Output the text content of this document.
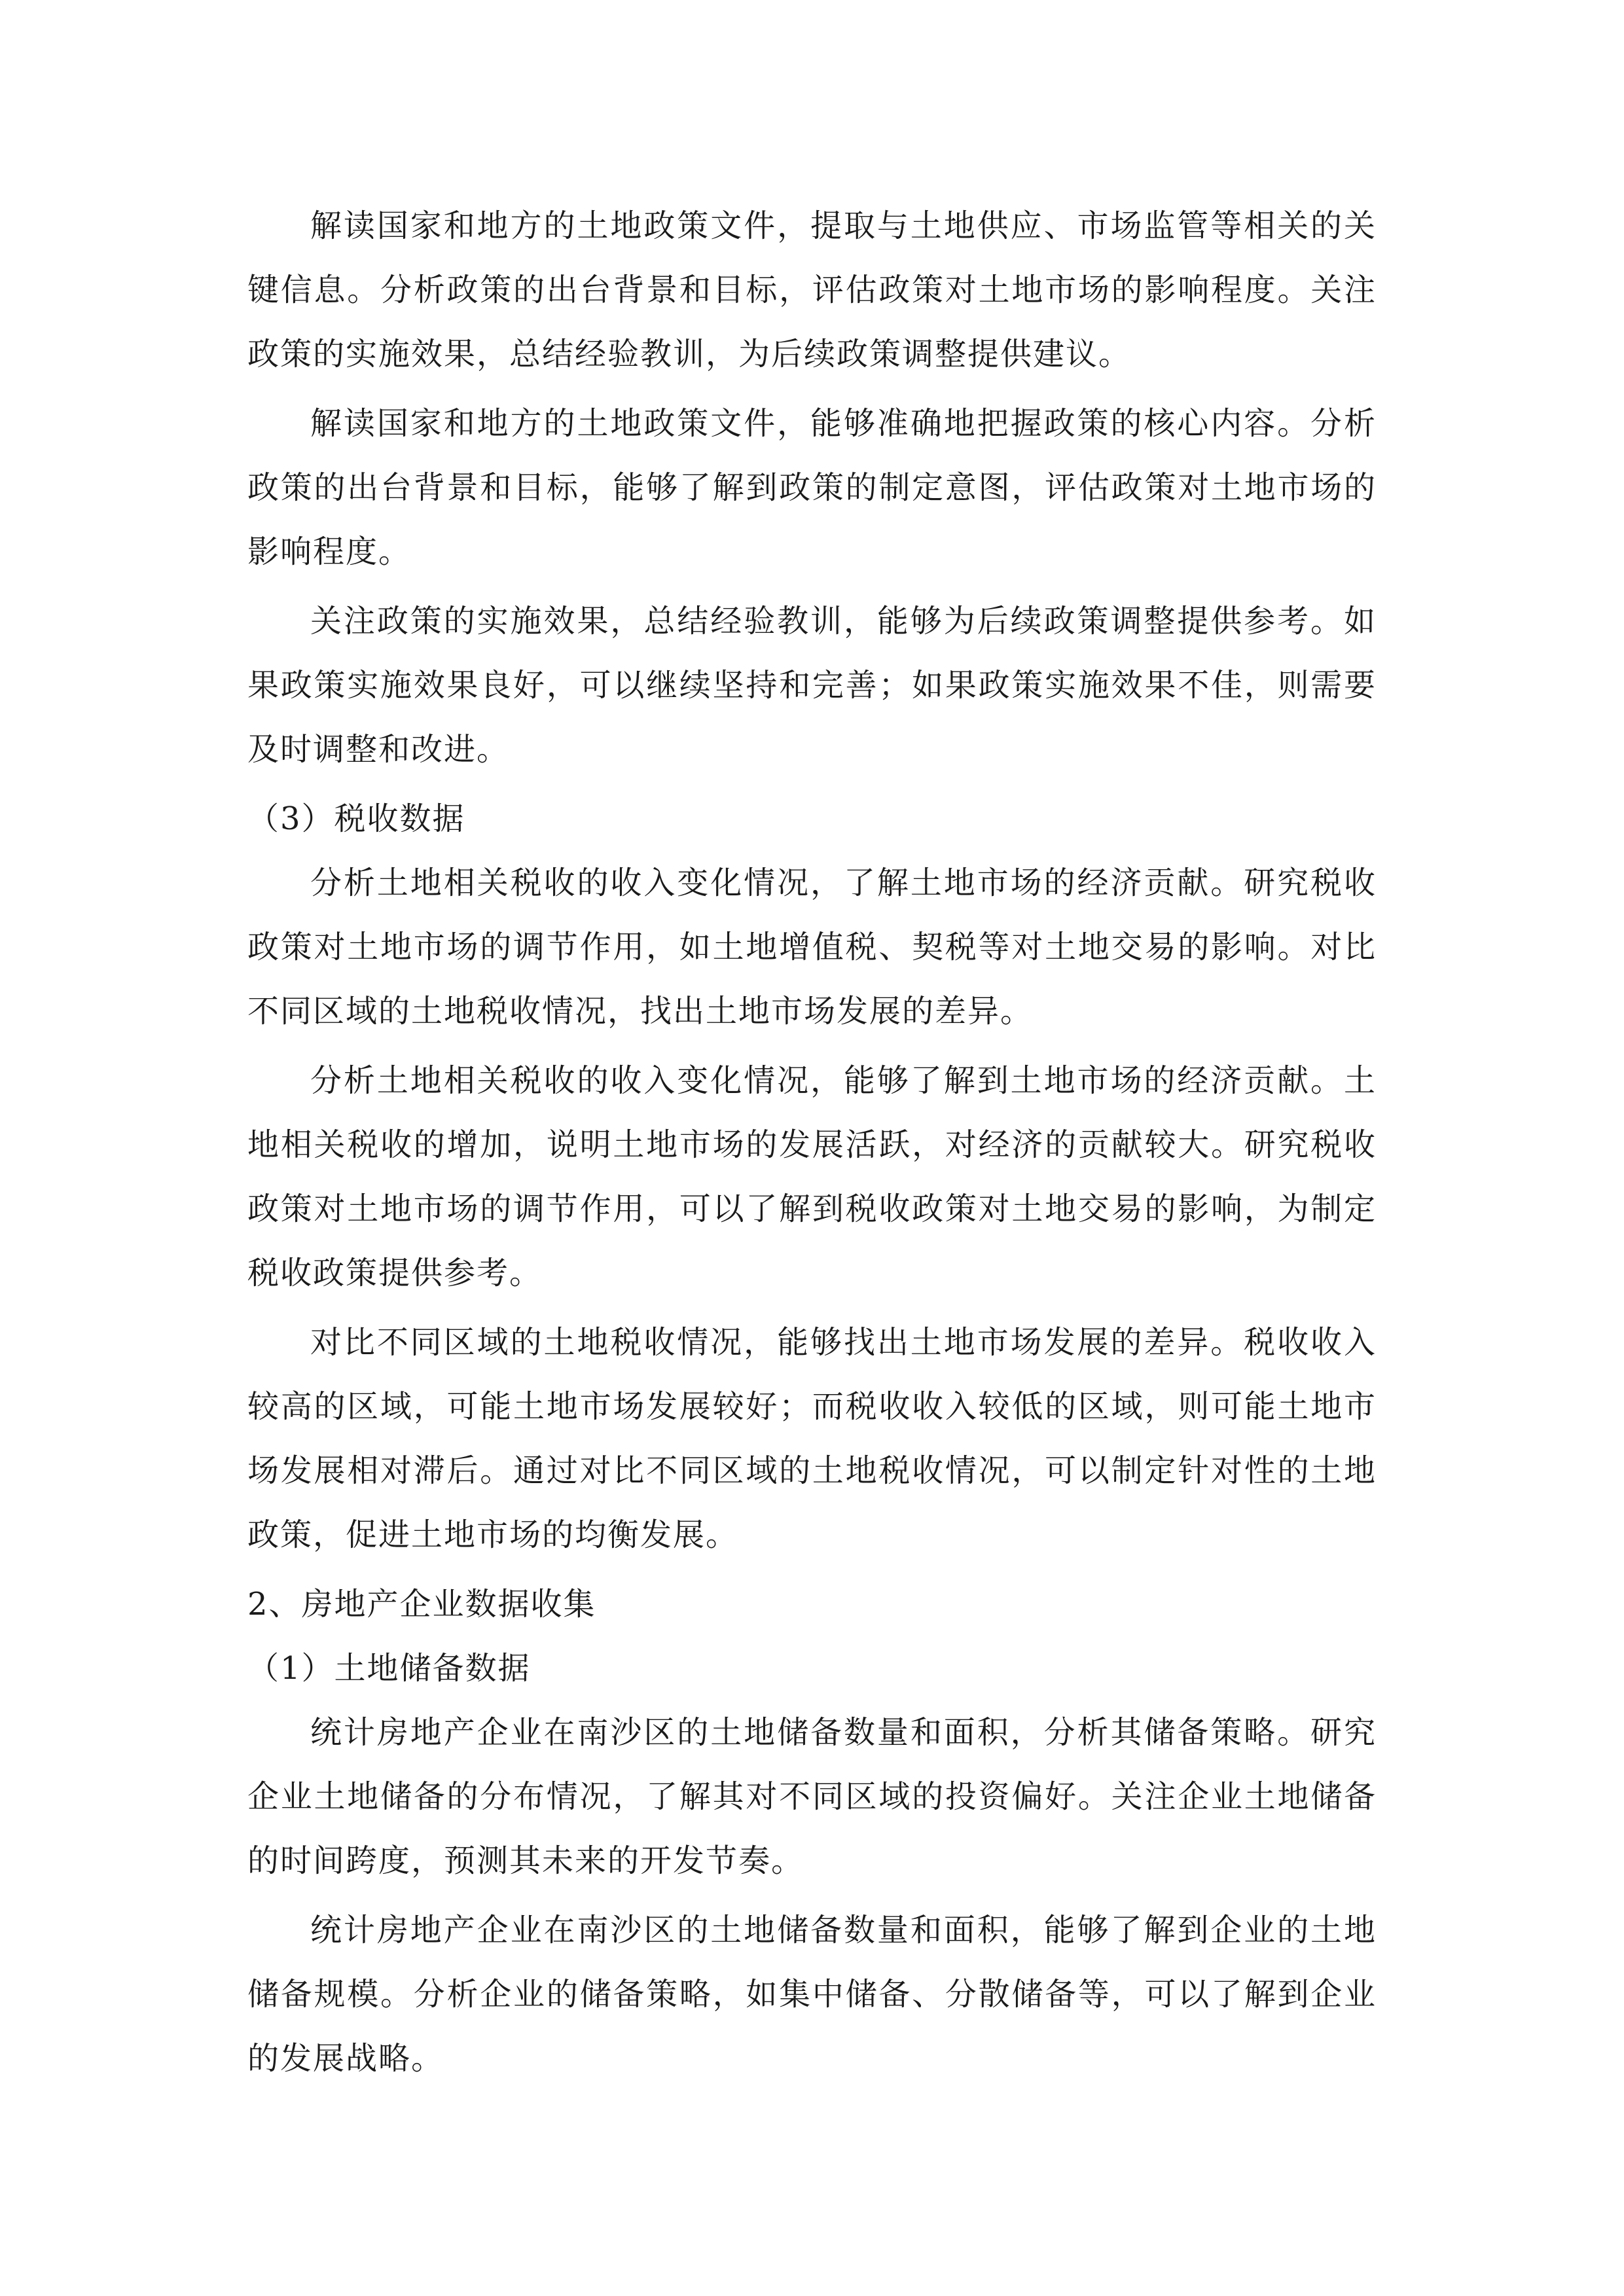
解读国家和地方的土地政策文件，提取与土地供应、市场监管等相关的关键信息。分析政策的出台背景和目标，评估政策对土地市场的影响程度。关注政策的实施效果，总结经验教训，为后续政策调整提供建议。

解读国家和地方的土地政策文件，能够准确地把握政策的核心内容。分析政策的出台背景和目标，能够了解到政策的制定意图，评估政策对土地市场的影响程度。

关注政策的实施效果，总结经验教训，能够为后续政策调整提供参考。如果政策实施效果良好，可以继续坚持和完善；如果政策实施效果不佳，则需要及时调整和改进。

（3）税收数据

分析土地相关税收的收入变化情况，了解土地市场的经济贡献。研究税收政策对土地市场的调节作用，如土地增值税、契税等对土地交易的影响。对比不同区域的土地税收情况，找出土地市场发展的差异。

分析土地相关税收的收入变化情况，能够了解到土地市场的经济贡献。土地相关税收的增加，说明土地市场的发展活跃，对经济的贡献较大。研究税收政策对土地市场的调节作用，可以了解到税收政策对土地交易的影响，为制定税收政策提供参考。

对比不同区域的土地税收情况，能够找出土地市场发展的差异。税收收入较高的区域，可能土地市场发展较好；而税收收入较低的区域，则可能土地市场发展相对滞后。通过对比不同区域的土地税收情况，可以制定针对性的土地政策，促进土地市场的均衡发展。

2、房地产企业数据收集

（1）土地储备数据

统计房地产企业在南沙区的土地储备数量和面积，分析其储备策略。研究企业土地储备的分布情况，了解其对不同区域的投资偏好。关注企业土地储备的时间跨度，预测其未来的开发节奏。

统计房地产企业在南沙区的土地储备数量和面积，能够了解到企业的土地储备规模。分析企业的储备策略，如集中储备、分散储备等，可以了解到企业的发展战略。
